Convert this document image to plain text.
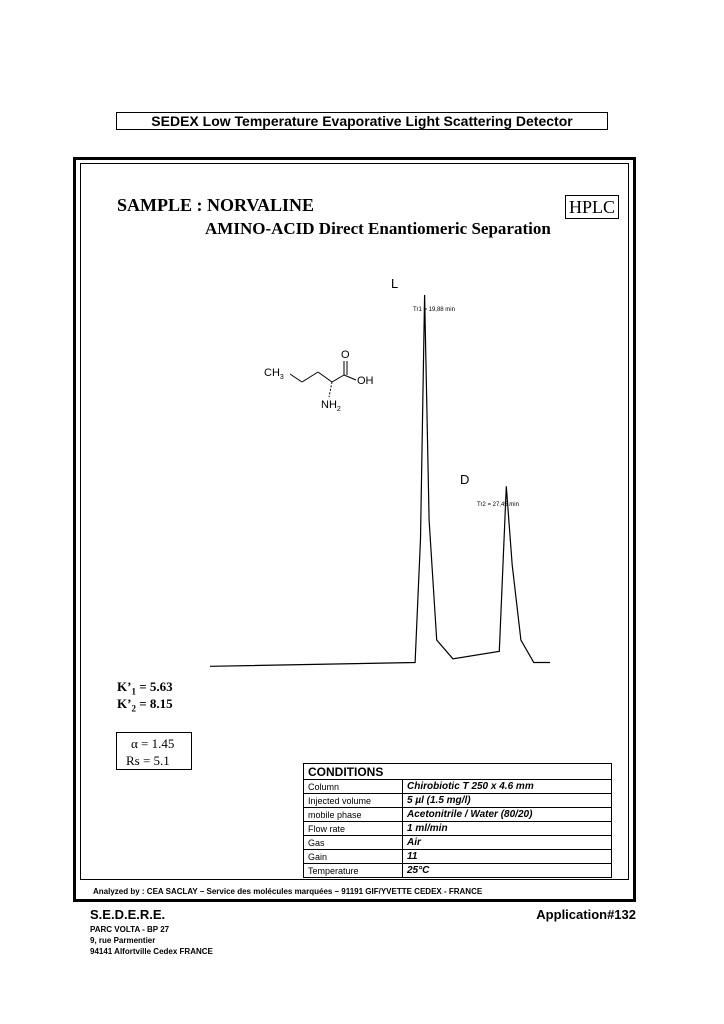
SEDEX Low Temperature Evaporative Light Scattering Detector
SAMPLE : NORVALINE	HPLC
AMINO-ACID Direct Enantiomeric Separation
$CH_3$
O
OH
$NH_2$
L
Tr1 = 19,88 min
D
Tr2 = 27,45 min
$K’_1 = 5.63$
$K’_2 = 8.15$
α = 1.45
Rs = 5.1
CONDITIONS	
Column	Chirobiotic T 250 x 4.6 mm
Injected volume	5 µl (1.5 mg/l)
mobile phase	Acetonitrile / Water (80/20)
Flow rate	1 ml/min
Gas	Air
Gain	11
Temperature	25°C
Analyzed by : CEA SACLAY – Service des molécules marquées – 91191 GIF/YVETTE CEDEX - FRANCE
S.E.D.E.R.E.
PARC VOLTA - BP 27
9, rue Parmentier
94141 Alfortville Cedex FRANCE
Application#132
